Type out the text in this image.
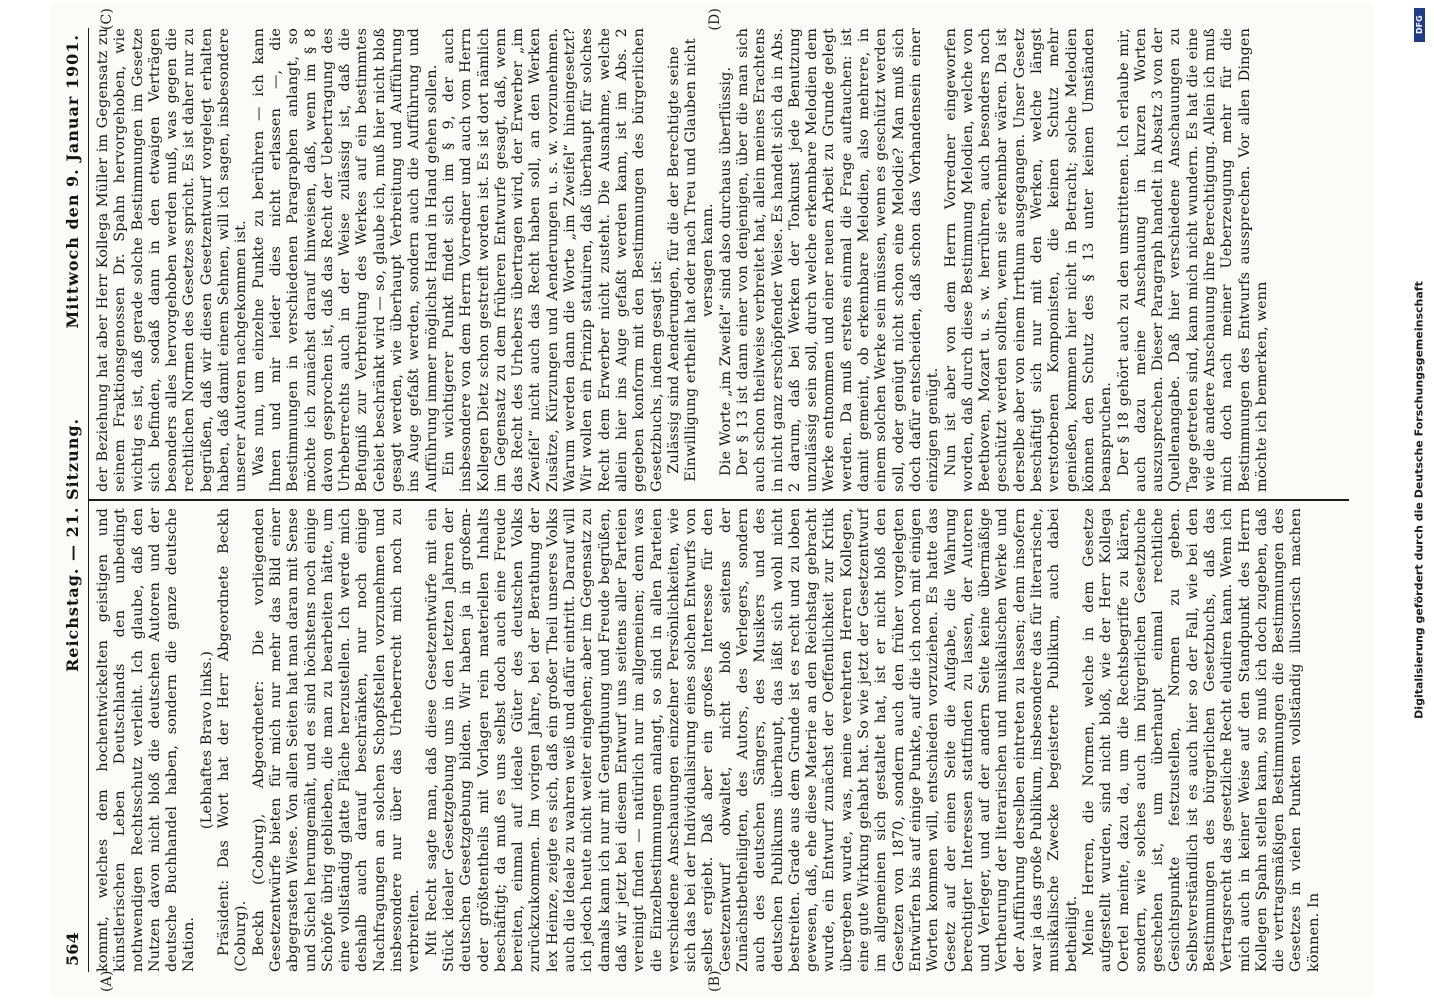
564
Reichstag. — 21. Sitzung.
Mittwoch den 9. Januar 1901.
(A)	(B)
(C)	(D)

kommt, welches dem hochentwickelten geistigen und künstlerischen Leben Deutschlands den unbedingt nothwendigen Rechtsschutz verleiht. Ich glaube, daß den Nutzen davon nicht bloß die deutschen Autoren und der deutsche Buchhandel haben, sondern die ganze deutsche Nation.

(Lebhaftes Bravo links.) Präsident: Das Wort hat der Herr Abgeordnete Beckh (Coburg). Beckh (Coburg), Abgeordneter: Die vorliegenden Gesetzentwürfe bieten für mich nur mehr das Bild einer abgegrasten Wiese. Von allen Seiten hat man daran mit Sense und Sichel herumgemäht, und es sind höchstens noch einige Schöpfe übrig geblieben, die man zu bearbeiten hätte, um eine vollständig glatte Fläche herzustellen. Ich werde mich deshalb auch darauf beschränken, nur noch einige Nachfragungen an solchen Schopfstellen vorzunehmen und insbesondere nur über das Urheberrecht mich noch zu verbreiten. Mit Recht sagte man, daß diese Gesetzentwürfe mit ein Stück idealer Gesetzgebung uns in den letzten Jahren der deutschen Gesetzgebung bilden. Wir haben ja in großem- oder größtentheils mit Vorlagen rein materiellen Inhalts beschäftigt; da muß es uns selbst doch auch eine Freude bereiten, einmal auf ideale Güter des deutschen Volks zurückzukommen. Im vorigen Jahre, bei der Berathung der lex Heinze, zeigte es sich, daß ein großer Theil unseres Volks auch die Ideale zu wahren weiß und dafür eintritt. Darauf will ich jedoch heute nicht weiter eingehen; aber im Gegensatz zu damals kann ich nur mit Genugthuung und Freude begrüßen, daß wir jetzt bei diesem Entwurf uns seitens aller Parteien vereinigt finden — natürlich nur im allgemeinen; denn was die Einzelbestimmungen anlangt, so sind in allen Parteien verschiedene Anschauungen einzelner Persönlichkeiten, wie sich das bei der Individualisirung eines solchen Entwurfs von selbst ergiebt. Daß aber ein großes Interesse für den Gesetzentwurf obwaltet, nicht bloß seitens der Zunächstbetheiligten, des Autors, des Verlegers, sondern auch des deutschen Sängers, des Musikers und des deutschen Publikums überhaupt, das läßt sich wohl nicht bestreiten. Grade aus dem Grunde ist es recht und zu loben gewesen, daß, ehe diese Materie an den Reichstag gebracht wurde, ein Entwurf zunächst der Oeffentlichkeit zur Kritik übergeben wurde, was, meine verehrten Herren Kollegen, eine gute Wirkung gehabt hat. So wie jetzt der Gesetzentwurf im allgemeinen sich gestaltet hat, ist er nicht bloß den Gesetzen von 1870, sondern auch den früher vorgelegten Entwürfen bis auf einige Punkte, auf die ich noch mit einigen Worten kommen will, entschieden vorzuziehen. Es hatte das Gesetz auf der einen Seite die Aufgabe, die Wahrung berechtigter Interessen stattfinden zu lassen, der Autoren und Verleger, und auf der andern Seite keine übermäßige Vertheurung der literarischen und musikalischen Werke und der Aufführung derselben eintreten zu lassen; denn insofern war ja das große Publikum, insbesondere das für literarische, musikalische Zwecke begeisterte Publikum, auch dabei betheiligt. Meine Herren, die Normen, welche in dem Gesetze aufgestellt wurden, sind nicht bloß, wie der Herr Kollega Oertel meinte, dazu da, um die Rechtsbegriffe zu klären, sondern, wie solches auch im bürgerlichen Gesetzbuche geschehen ist, um überhaupt einmal rechtliche Gesichtspunkte festzustellen, Normen zu geben. Selbstverständlich ist es auch hier so der Fall, wie bei den Bestimmungen des bürgerlichen Gesetzbuchs, daß das Vertragsrecht das gesetzliche Recht eludiren kann. Wenn ich mich auch in keiner Weise auf den Standpunkt des Herrn Kollegen Spahn stellen kann, so muß ich doch zugeben, daß die vertragsmäßigen Bestimmungen die Bestimmungen des Gesetzes in vielen Punkten vollständig illusorisch machen können. In

der Beziehung hat aber Herr Kollega Müller im Gegensatz zu seinem Fraktionsgenossen Dr. Spahn hervorgehoben, wie wichtig es ist, daß gerade solche Bestimmungen im Gesetze sich befinden, sodaß dann in den etwaigen Verträgen besonders alles hervorgehoben werden muß, was gegen die rechtlichen Normen des Gesetzes spricht. Es ist daher nur zu begrüßen, daß wir diesen Gesetzentwurf vorgelegt erhalten haben, daß damit einem Sehnen, will ich sagen, insbesondere unserer Autoren nachgekommen ist. Was nun, um einzelne Punkte zu berühren — ich kann Ihnen und mir leider dies nicht erlassen —, die Bestimmungen in verschiedenen Paragraphen anlangt, so möchte ich zunächst darauf hinweisen, daß, wenn im § 8 davon gesprochen ist, daß das Recht der Uebertragung des Urheberrechts auch in der Weise zulässig ist, daß die Befugniß zur Verbreitung des Werkes auf ein bestimmtes Gebiet beschränkt wird — so, glaube ich, muß hier nicht bloß gesagt werden, wie überhaupt Verbreitung und Aufführung ins Auge gefaßt werden, sondern auch die Aufführung und Aufführung immer möglichst Hand in Hand gehen sollen. Ein wichtigerer Punkt findet sich im § 9, der auch insbesondere von dem Herrn Vorredner und auch vom Herrn Kollegen Dietz schon gestreift worden ist. Es ist dort nämlich im Gegensatz zu dem früheren Entwurfe gesagt, daß, wenn das Recht des Urhebers übertragen wird, der Erwerber „im Zweifel“ nicht auch das Recht haben soll, an den Werken Zusätze, Kürzungen und Aenderungen u. s. w. vorzunehmen. Warum werden dann die Worte „im Zweifel“ hineingesetzt? Wir wollen ein Prinzip statuiren, daß überhaupt für solches Recht dem Erwerber nicht zusteht. Die Ausnahme, welche allein hier ins Auge gefaßt werden kann, ist im Abs. 2 gegeben konform mit den Bestimmungen des bürgerlichen Gesetzbuchs, indem gesagt ist: Zulässig sind Aenderungen, für die der Berechtigte seine Einwilligung ertheilt hat oder nach Treu und Glauben nicht versagen kann. Die Worte „im Zweifel“ sind also durchaus überflüssig. Der § 13 ist dann einer von denjenigen, über die man sich auch schon theilweise verbreitet hat, allein meines Erachtens in nicht ganz erschöpfender Weise. Es handelt sich da in Abs. 2 darum, daß bei Werken der Tonkunst jede Benutzung unzulässig sein soll, durch welche erkennbare Melodien dem Werke entnommen und einer neuen Arbeit zu Grunde gelegt werden. Da muß erstens einmal die Frage auftauchen: ist damit gemeint, ob erkennbare Melodien, also mehrere, in einem solchen Werke sein müssen, wenn es geschützt werden soll, oder genügt nicht schon eine Melodie? Man muß sich doch dafür entscheiden, daß schon das Vorhandensein einer einzigen genügt. Nun ist aber von dem Herrn Vorredner eingeworfen worden, daß durch diese Bestimmung Melodien, welche von Beethoven, Mozart u. s. w. herrühren, auch besonders noch geschützt werden sollten, wenn sie erkennbar wären. Da ist derselbe aber von einem Irrthum ausgegangen. Unser Gesetz beschäftigt sich nur mit den Werken, welche längst verstorbenen Komponisten, die keinen Schutz mehr genießen, kommen hier nicht in Betracht; solche Melodien können den Schutz des § 13 unter keinen Umständen beanspruchen. Der § 18 gehört auch zu den umstrittenen. Ich erlaube mir, auch dazu meine Anschauung in kurzen Worten auszusprechen. Dieser Paragraph handelt in Absatz 3 von der Quellenangabe. Daß hier verschiedene Anschauungen zu Tage getreten sind, kann mich nicht wundern. Es hat die eine wie die andere Anschauung ihre Berechtigung. Allein ich muß mich doch nach meiner Ueberzeugung mehr für die Bestimmungen des Entwurfs aussprechen. Vor allen Dingen möchte ich bemerken, wenn

DFG
Digitalisierung gefördert durch die Deutsche Forschungsgemeinschaft
